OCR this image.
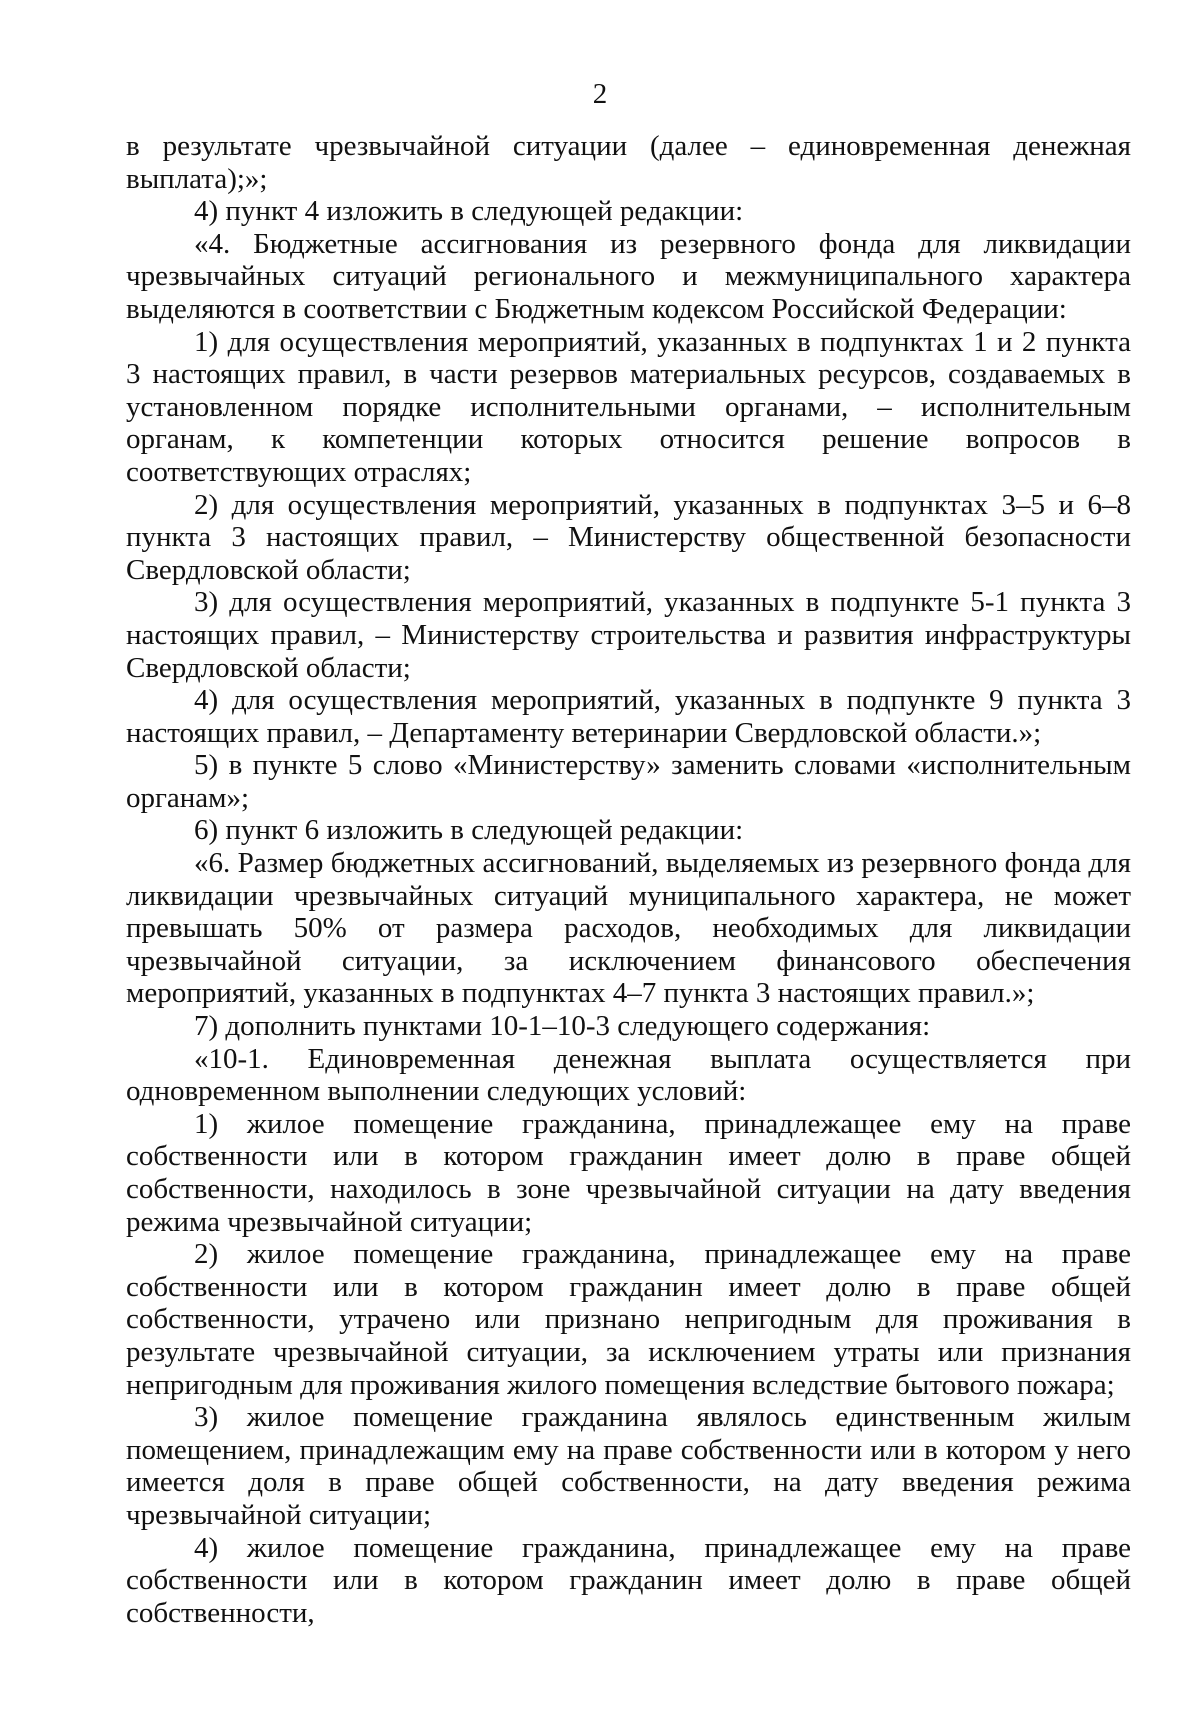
2

в результате чрезвычайной ситуации (далее – единовременная денежная выплата);»;

4) пункт 4 изложить в следующей редакции:

«4. Бюджетные ассигнования из резервного фонда для ликвидации чрезвычайных ситуаций регионального и межмуниципального характера выделяются в соответствии с Бюджетным кодексом Российской Федерации:

1) для осуществления мероприятий, указанных в подпунктах 1 и 2 пункта 3 настоящих правил, в части резервов материальных ресурсов, создаваемых в установленном порядке исполнительными органами, – исполнительным органам, к компетенции которых относится решение вопросов в соответствующих отраслях;

2) для осуществления мероприятий, указанных в подпунктах 3–5 и 6–8 пункта 3 настоящих правил, – Министерству общественной безопасности Свердловской области;

3) для осуществления мероприятий, указанных в подпункте 5-1 пункта 3 настоящих правил, – Министерству строительства и развития инфраструктуры Свердловской области;

4) для осуществления мероприятий, указанных в подпункте 9 пункта 3 настоящих правил, – Департаменту ветеринарии Свердловской области.»;

5) в пункте 5 слово «Министерству» заменить словами «исполнительным органам»;

6) пункт 6 изложить в следующей редакции:

«6. Размер бюджетных ассигнований, выделяемых из резервного фонда для ликвидации чрезвычайных ситуаций муниципального характера, не может превышать 50% от размера расходов, необходимых для ликвидации чрезвычайной ситуации, за исключением финансового обеспечения мероприятий, указанных в подпунктах 4–7 пункта 3 настоящих правил.»;

7) дополнить пунктами 10-1–10-3 следующего содержания:

«10-1. Единовременная денежная выплата осуществляется при одновременном выполнении следующих условий:

1) жилое помещение гражданина, принадлежащее ему на праве собственности или в котором гражданин имеет долю в праве общей собственности, находилось в зоне чрезвычайной ситуации на дату введения режима чрезвычайной ситуации;

2) жилое помещение гражданина, принадлежащее ему на праве собственности или в котором гражданин имеет долю в праве общей собственности, утрачено или признано непригодным для проживания в результате чрезвычайной ситуации, за исключением утраты или признания непригодным для проживания жилого помещения вследствие бытового пожара;

3) жилое помещение гражданина являлось единственным жилым помещением, принадлежащим ему на праве собственности или в котором у него имеется доля в праве общей собственности, на дату введения режима чрезвычайной ситуации;

4) жилое помещение гражданина, принадлежащее ему на праве собственности или в котором гражданин имеет долю в праве общей собственности,
